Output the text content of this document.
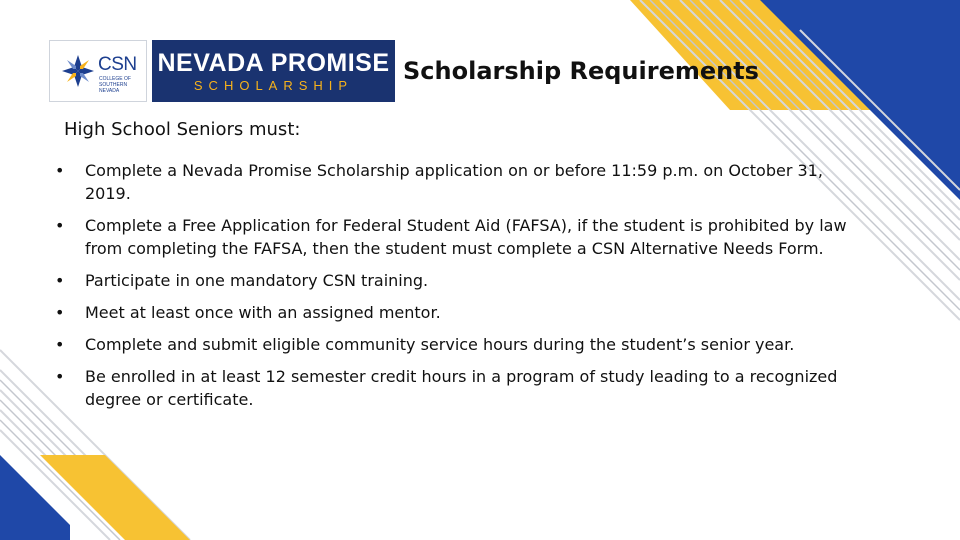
CSN
COLLEGE OF SOUTHERN NEVADA
NEVADA PROMISE
SCHOLARSHIP
Scholarship Requirements
High School Seniors must:
• Complete a Nevada Promise Scholarship application on or before 11:59 p.m. on October 31, 2019.
• Complete a Free Application for Federal Student Aid (FAFSA), if the student is prohibited by law from completing the FAFSA, then the student must complete a CSN Alternative Needs Form.
• Participate in one mandatory CSN training.
• Meet at least once with an assigned mentor.
• Complete and submit eligible community service hours during the student’s senior year.
• Be enrolled in at least 12 semester credit hours in a program of study leading to a recognized degree or certificate.
